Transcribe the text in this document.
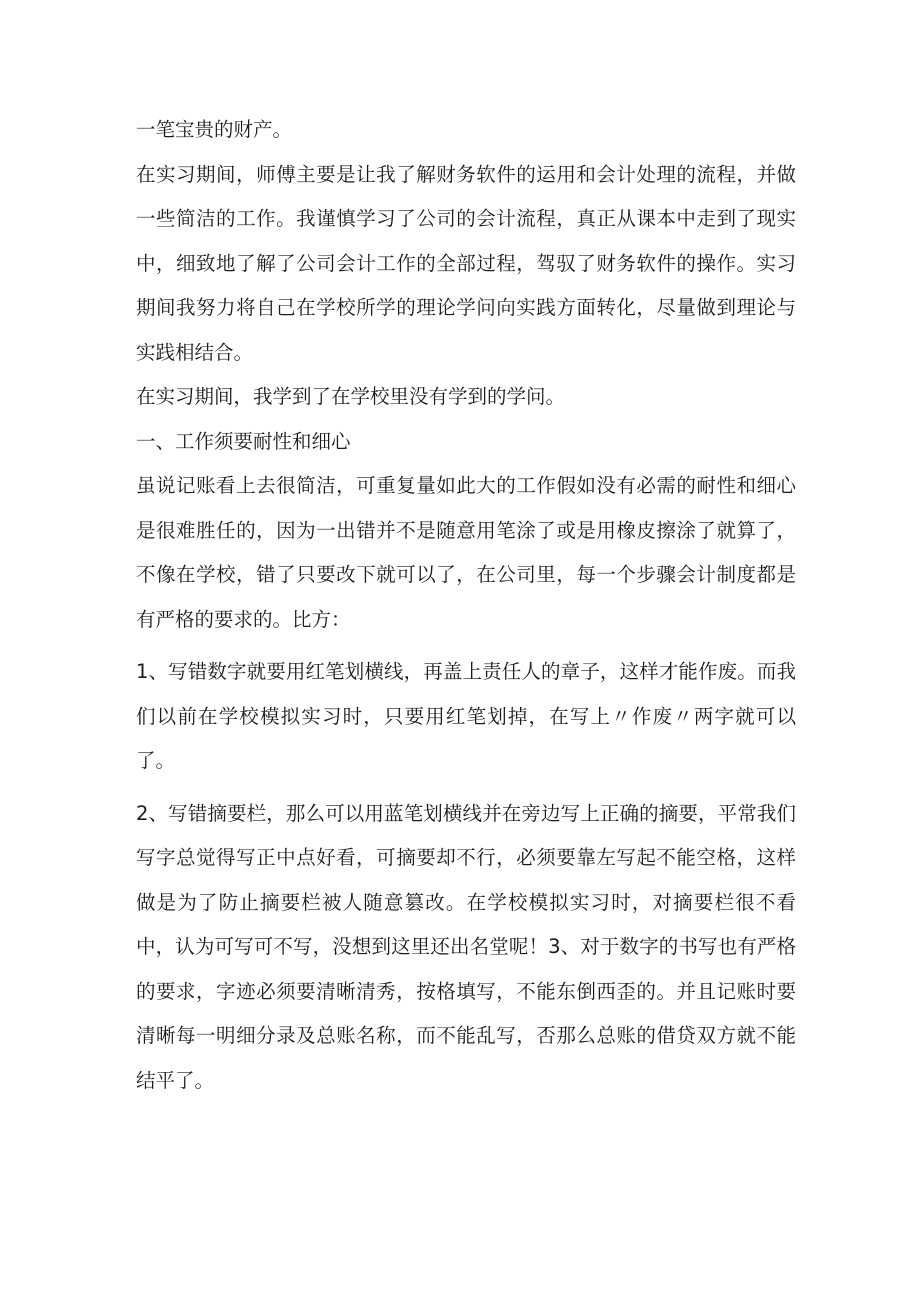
一笔宝贵的财产。

在实习期间，师傅主要是让我了解财务软件的运用和会计处理的流程，并做一些简洁的工作。我谨慎学习了公司的会计流程，真正从课本中走到了现实中，细致地了解了公司会计工作的全部过程，驾驭了财务软件的操作。实习期间我努力将自己在学校所学的理论学问向实践方面转化，尽量做到理论与实践相结合。

在实习期间，我学到了在学校里没有学到的学问。

一、工作须要耐性和细心

虽说记账看上去很简洁，可重复量如此大的工作假如没有必需的耐性和细心是很难胜任的，因为一出错并不是随意用笔涂了或是用橡皮擦涂了就算了，不像在学校，错了只要改下就可以了，在公司里，每一个步骤会计制度都是有严格的要求的。比方：

1、写错数字就要用红笔划横线，再盖上责任人的章子，这样才能作废。而我们以前在学校模拟实习时，只要用红笔划掉，在写上〃作废〃两字就可以了。

2、写错摘要栏，那么可以用蓝笔划横线并在旁边写上正确的摘要，平常我们写字总觉得写正中点好看，可摘要却不行，必须要靠左写起不能空格，这样做是为了防止摘要栏被人随意篡改。在学校模拟实习时，对摘要栏很不看中，认为可写可不写，没想到这里还出名堂呢！3、对于数字的书写也有严格的要求，字迹必须要清晰清秀，按格填写，不能东倒西歪的。并且记账时要清晰每一明细分录及总账名称，而不能乱写，否那么总账的借贷双方就不能结平了。
